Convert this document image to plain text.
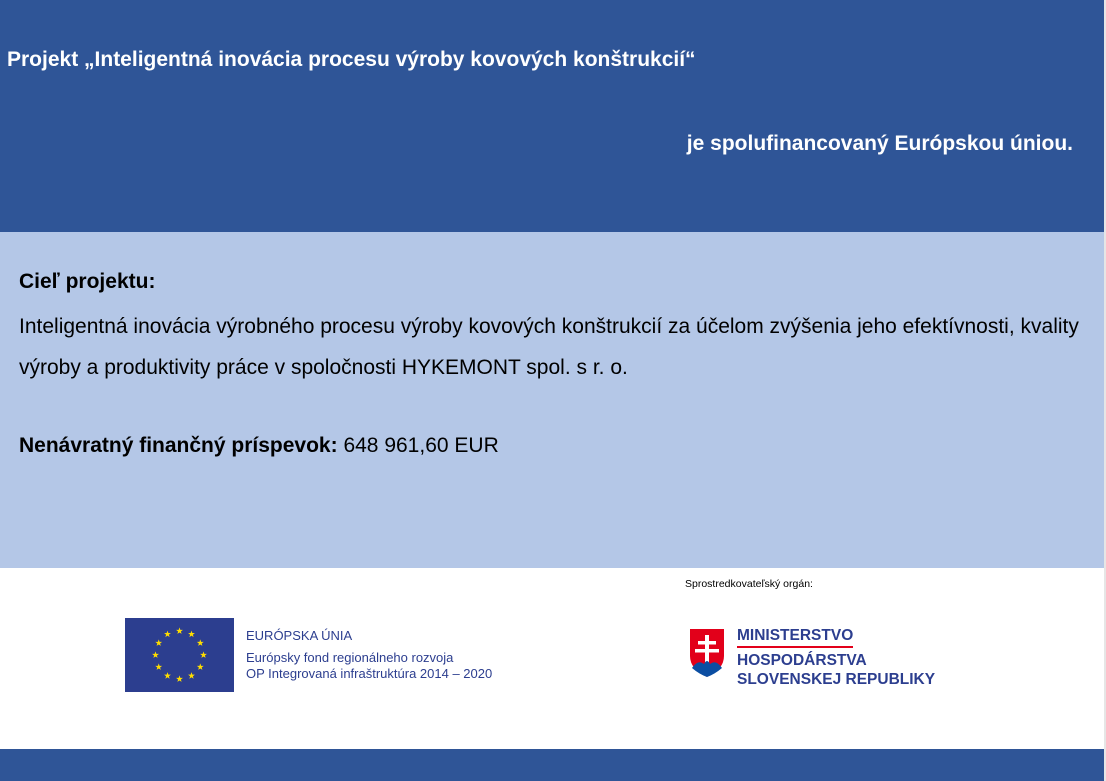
Projekt „Inteligentná inovácia procesu výroby kovových konštrukcií“
je spolufinancovaný Európskou úniou.
Cieľ projektu:
Inteligentná inovácia výrobného procesu výroby kovových konštrukcií za účelom zvýšenia jeho efektívnosti, kvality výroby a produktivity práce v spoločnosti HYKEMONT spol. s r. o.
Nenávratný finančný príspevok: 648 961,60 EUR
EURÓPSKA ÚNIA
Európsky fond regionálneho rozvoja
OP Integrovaná infraštruktúra 2014 – 2020
Sprostredkovateľský orgán:
MINISTERSTVO
HOSPODÁRSTVA
SLOVENSKEJ REPUBLIKY
